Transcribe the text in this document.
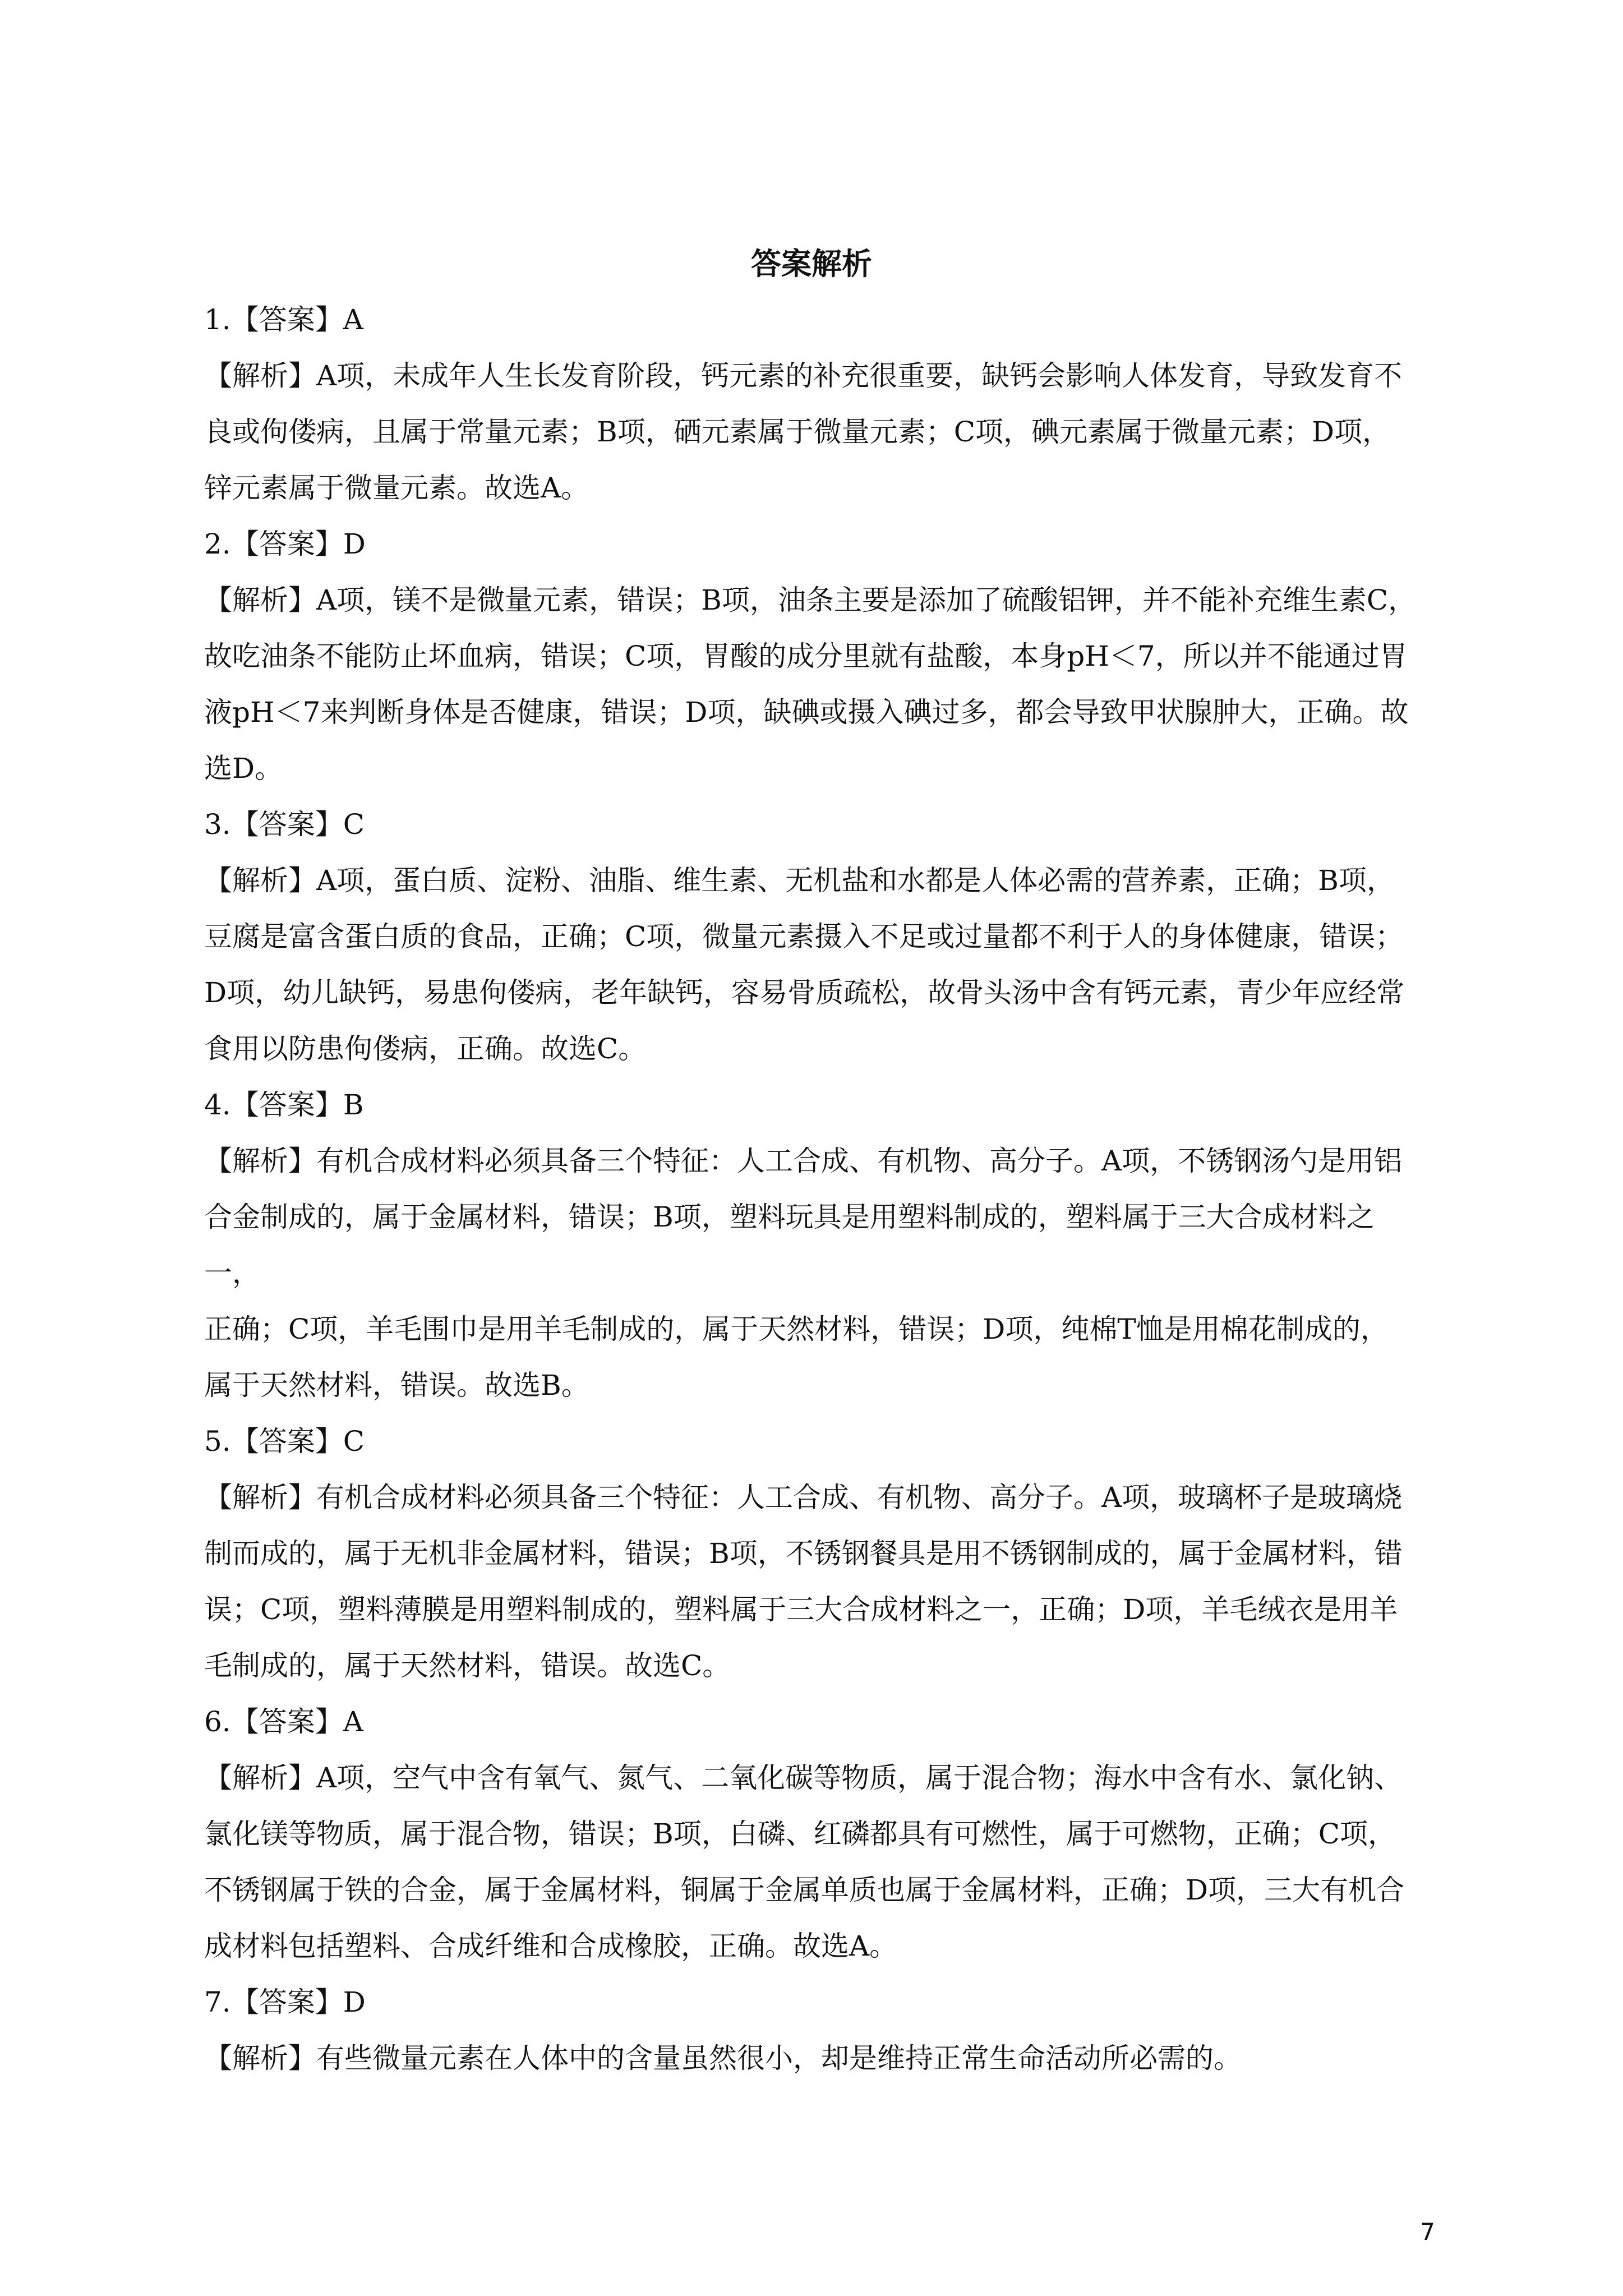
答案解析

1.【答案】A

【解析】A项，未成年人生长发育阶段，钙元素的补充很重要，缺钙会影响人体发育，导致发育不

良或佝偻病，且属于常量元素；B项，硒元素属于微量元素；C项，碘元素属于微量元素；D项，

锌元素属于微量元素。故选A。

2.【答案】D

【解析】A项，镁不是微量元素，错误；B项，油条主要是添加了硫酸铝钾，并不能补充维生素C，

故吃油条不能防止坏血病，错误；C项，胃酸的成分里就有盐酸，本身pH＜7，所以并不能通过胃

液pH＜7来判断身体是否健康，错误；D项，缺碘或摄入碘过多，都会导致甲状腺肿大，正确。故

选D。

3.【答案】C

【解析】A项，蛋白质、淀粉、油脂、维生素、无机盐和水都是人体必需的营养素，正确；B项，

豆腐是富含蛋白质的食品，正确；C项，微量元素摄入不足或过量都不利于人的身体健康，错误；

D项，幼儿缺钙，易患佝偻病，老年缺钙，容易骨质疏松，故骨头汤中含有钙元素，青少年应经常

食用以防患佝偻病，正确。故选C。

4.【答案】B

【解析】有机合成材料必须具备三个特征：人工合成、有机物、高分子。A项，不锈钢汤勺是用铝

合金制成的，属于金属材料，错误；B项，塑料玩具是用塑料制成的，塑料属于三大合成材料之一，

正确；C项，羊毛围巾是用羊毛制成的，属于天然材料，错误；D项，纯棉T恤是用棉花制成的，

属于天然材料，错误。故选B。

5.【答案】C

【解析】有机合成材料必须具备三个特征：人工合成、有机物、高分子。A项，玻璃杯子是玻璃烧

制而成的，属于无机非金属材料，错误；B项，不锈钢餐具是用不锈钢制成的，属于金属材料，错

误；C项，塑料薄膜是用塑料制成的，塑料属于三大合成材料之一，正确；D项，羊毛绒衣是用羊

毛制成的，属于天然材料，错误。故选C。

6.【答案】A

【解析】A项，空气中含有氧气、氮气、二氧化碳等物质，属于混合物；海水中含有水、氯化钠、

氯化镁等物质，属于混合物，错误；B项，白磷、红磷都具有可燃性，属于可燃物，正确；C项，

不锈钢属于铁的合金，属于金属材料，铜属于金属单质也属于金属材料，正确；D项，三大有机合

成材料包括塑料、合成纤维和合成橡胶，正确。故选A。

7.【答案】D

【解析】有些微量元素在人体中的含量虽然很小，却是维持正常生命活动所必需的。

7
